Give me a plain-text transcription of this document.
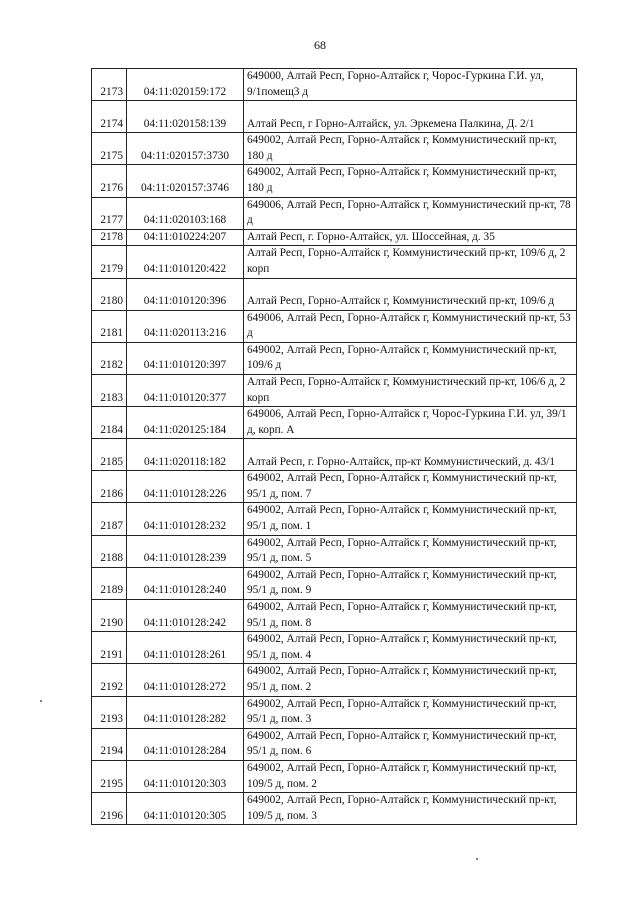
68
2173	04:11:020159:172	649000, Алтай Респ, Горно-Алтайск г, Чорос-Гуркина Г.И. ул, 9/1помещ3 д
2174	04:11:020158:139	Алтай Респ, г Горно-Алтайск, ул. Эркемена Палкина, Д. 2/1
2175	04:11:020157:3730	649002, Алтай Респ, Горно-Алтайск г, Коммунистический пр-кт, 180 д
2176	04:11:020157:3746	649002, Алтай Респ, Горно-Алтайск г, Коммунистический пр-кт, 180 д
2177	04:11:020103:168	649006, Алтай Респ, Горно-Алтайск г, Коммунистический пр-кт, 78 д
2178	04:11:010224:207	Алтай Респ, г. Горно-Алтайск, ул. Шоссейная, д. 35
2179	04:11:010120:422	Алтай Респ, Горно-Алтайск г, Коммунистический пр-кт, 109/6 д, 2 корп
2180	04:11:010120:396	Алтай Респ, Горно-Алтайск г, Коммунистический пр-кт, 109/6 д
2181	04:11:020113:216	649006, Алтай Респ, Горно-Алтайск г, Коммунистический пр-кт, 53 д
2182	04:11:010120:397	649002, Алтай Респ, Горно-Алтайск г, Коммунистический пр-кт, 109/6 д
2183	04:11:010120:377	Алтай Респ, Горно-Алтайск г, Коммунистический пр-кт, 106/6 д, 2 корп
2184	04:11:020125:184	649006, Алтай Респ, Горно-Алтайск г, Чорос-Гуркина Г.И. ул, 39/1 д, корп. А
2185	04:11:020118:182	Алтай Респ, г. Горно-Алтайск, пр-кт Коммунистический, д. 43/1
2186	04:11:010128:226	649002, Алтай Респ, Горно-Алтайск г, Коммунистический пр-кт, 95/1 д, пом. 7
2187	04:11:010128:232	649002, Алтай Респ, Горно-Алтайск г, Коммунистический пр-кт, 95/1 д, пом. 1
2188	04:11:010128:239	649002, Алтай Респ, Горно-Алтайск г, Коммунистический пр-кт, 95/1 д, пом. 5
2189	04:11:010128:240	649002, Алтай Респ, Горно-Алтайск г, Коммунистический пр-кт, 95/1 д, пом. 9
2190	04:11:010128:242	649002, Алтай Респ, Горно-Алтайск г, Коммунистический пр-кт, 95/1 д, пом. 8
2191	04:11:010128:261	649002, Алтай Респ, Горно-Алтайск г, Коммунистический пр-кт, 95/1 д, пом. 4
2192	04:11:010128:272	649002, Алтай Респ, Горно-Алтайск г, Коммунистический пр-кт, 95/1 д, пом. 2
2193	04:11:010128:282	649002, Алтай Респ, Горно-Алтайск г, Коммунистический пр-кт, 95/1 д, пом. 3
2194	04:11:010128:284	649002, Алтай Респ, Горно-Алтайск г, Коммунистический пр-кт, 95/1 д, пом. 6
2195	04:11:010120:303	649002, Алтай Респ, Горно-Алтайск г, Коммунистический пр-кт, 109/5 д, пом. 2
2196	04:11:010120:305	649002, Алтай Респ, Горно-Алтайск г, Коммунистический пр-кт, 109/5 д, пом. 3
